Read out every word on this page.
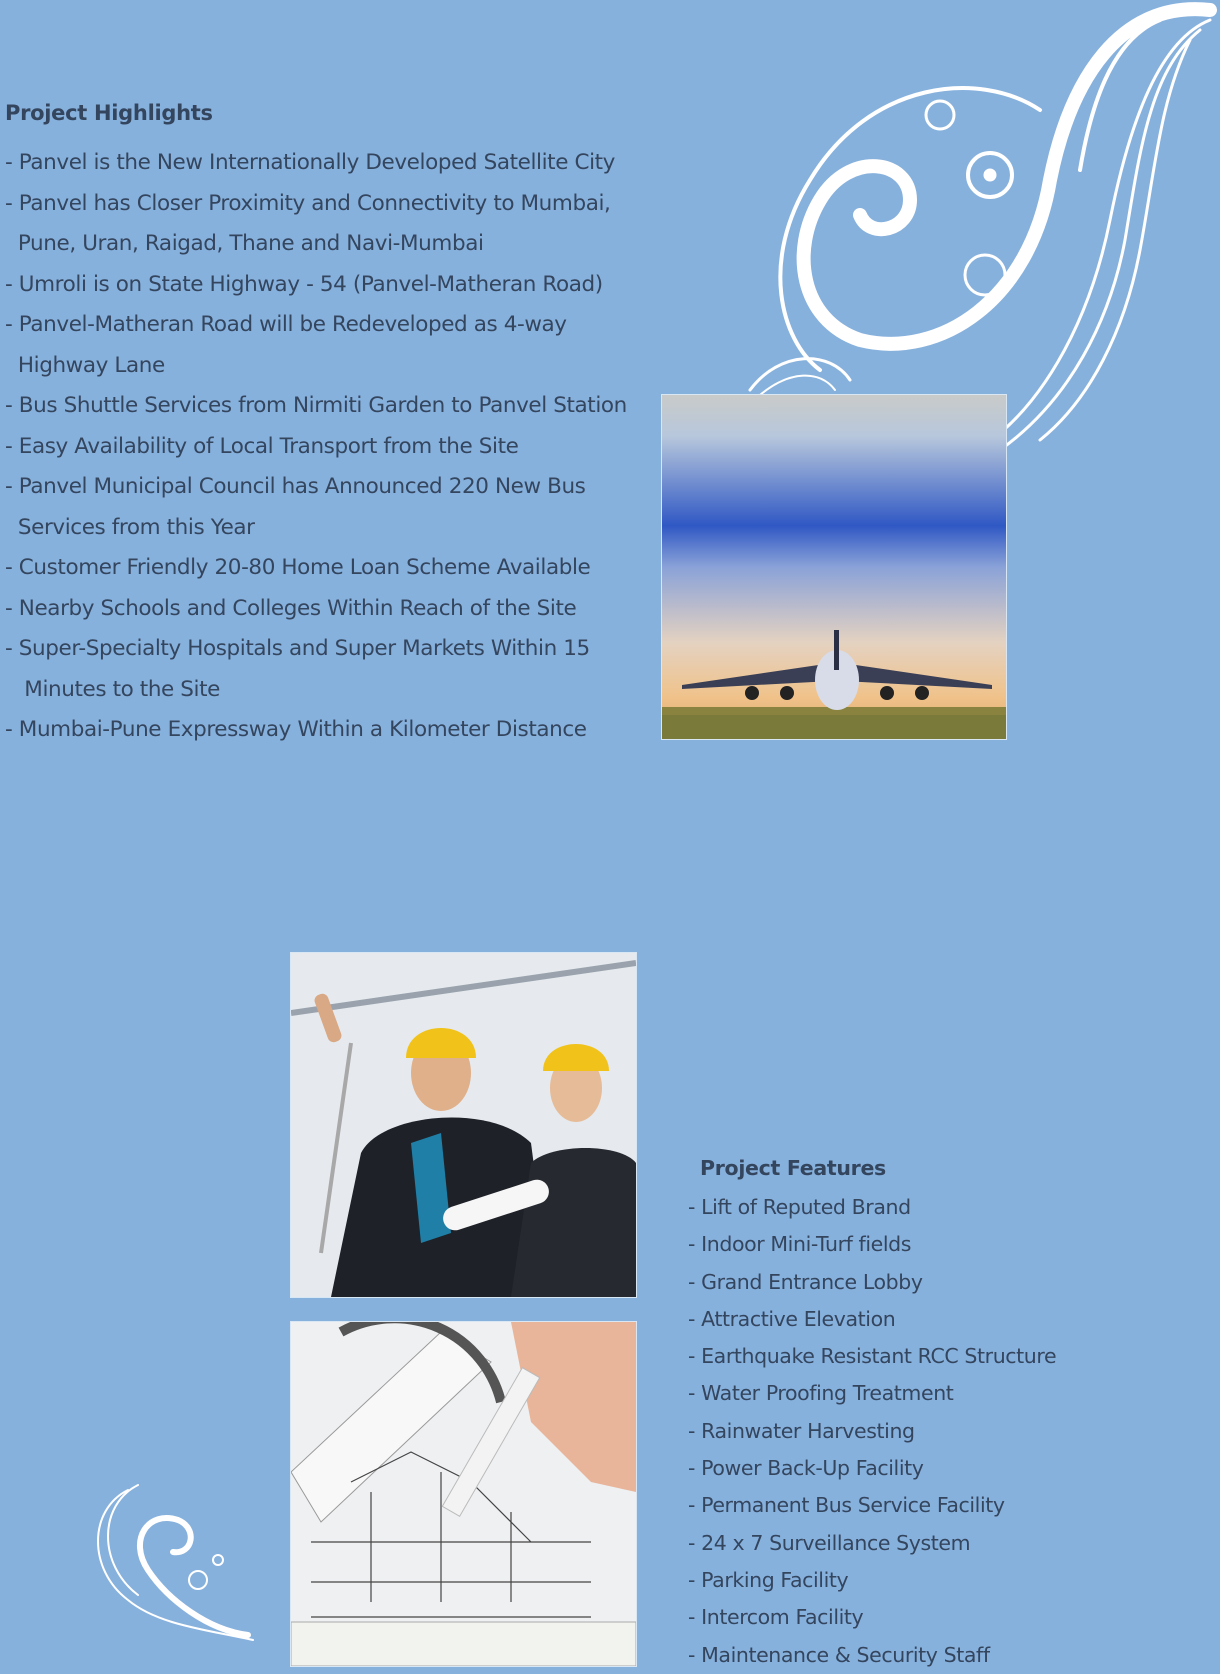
Project Highlights
- Panvel is the New Internationally Developed Satellite City
- Panvel has Closer Proximity and Connectivity to Mumbai,
Pune, Uran, Raigad, Thane and Navi-Mumbai
- Umroli is on State Highway - 54 (Panvel-Matheran Road)
- Panvel-Matheran Road will be Redeveloped as 4-way
Highway Lane
- Bus Shuttle Services from Nirmiti Garden to Panvel Station
- Easy Availability of Local Transport from the Site
- Panvel Municipal Council has Announced 220 New Bus
Services from this Year
- Customer Friendly 20-80 Home Loan Scheme Available
- Nearby Schools and Colleges Within Reach of the Site
- Super-Specialty Hospitals and Super Markets Within 15
Minutes to the Site
- Mumbai-Pune Expressway Within a Kilometer Distance
Project Features
- Lift of Reputed Brand
- Indoor Mini-Turf fields
- Grand Entrance Lobby
- Attractive Elevation
- Earthquake Resistant RCC Structure
- Water Proofing Treatment
- Rainwater Harvesting
- Power Back-Up Facility
- Permanent Bus Service Facility
- 24 x 7 Surveillance System
- Parking Facility
- Intercom Facility
- Maintenance & Security Staff
